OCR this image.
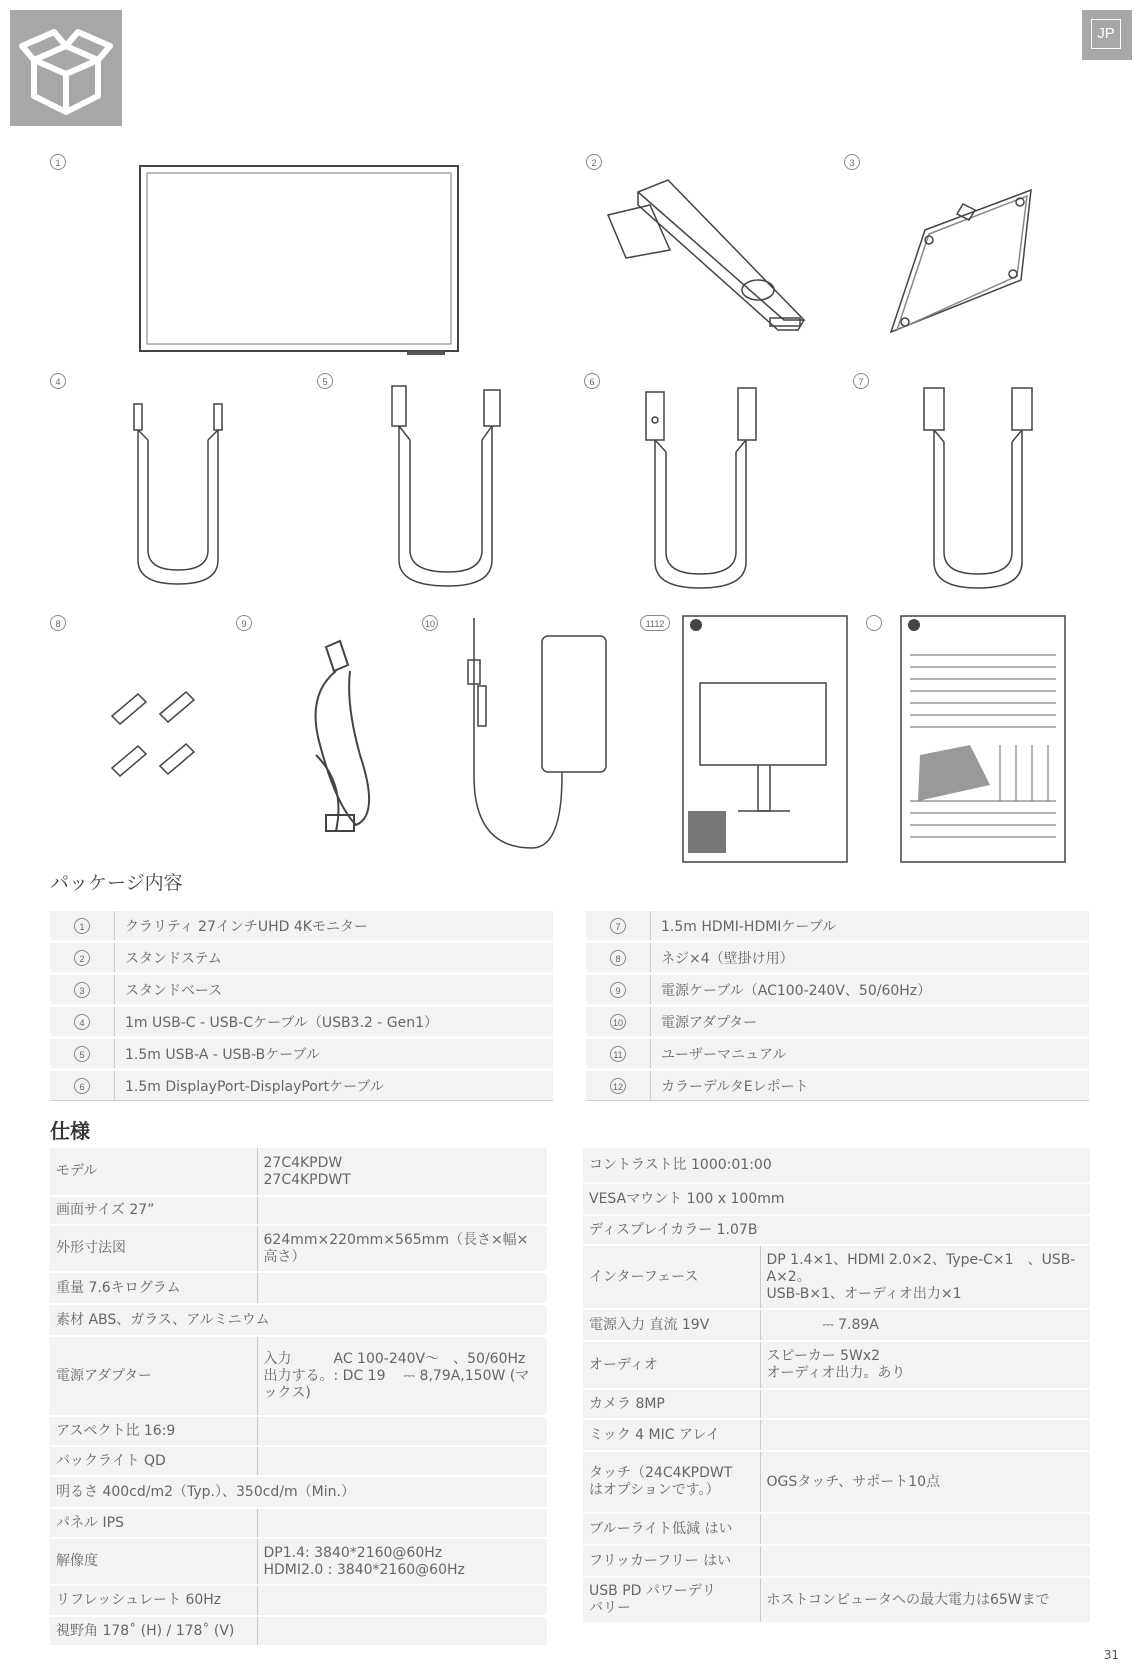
JP
1	2	3
4	5	6	7
8	9	10	1112
パッケージ内容
1	クラリティ 27インチUHD 4Kモニター
2	スタンドステム
3	スタンドベース
4	1m USB-C - USB-Cケーブル（USB3.2 - Gen1）
5	1.5m USB-A - USB-Bケーブル
6	1.5m DisplayPort-DisplayPortケーブル
7	1.5m HDMI-HDMIケーブル
8	ネジ×4（壁掛け用）
9	電源ケーブル（AC100-240V、50/60Hz）
10	電源アダプター
11	ユーザーマニュアル
12	カラーデルタEレポート
仕様
モデル	27C4KPDW
27C4KPDWT
画面サイズ 27”	
外形寸法図	624mm×220mm×565mm（長さ×幅×高さ）
重量 7.6キログラム	
素材 ABS、ガラス、アルミニウム	
電源アダプター	入力　　　AC 100-240V～　、50/60Hz
出力する。: DC 19　 ⎓ 8,79A,150W (マックス)
アスペクト比 16:9	
バックライト QD	
明るさ 400cd/m2（Typ.）、350cd/m（Min.）	
パネル IPS	
解像度	DP1.4: 3840*2160@60Hz
HDMI2.0 : 3840*2160@60Hz
リフレッシュレート 60Hz	
視野角 178˚ (H) / 178˚ (V)	
コントラスト比 1000:01:00	
VESAマウント 100 x 100mm	
ディスプレイカラー 1.07B	
インターフェース	DP 1.4×1、HDMI 2.0×2、Type-C×1　、USB-A×2。
USB-B×1、オーディオ出力×1
電源入力 直流 19V	　　　　⎓ 7.89A
オーディオ	スピーカー 5Wx2
オーディオ出力。あり
カメラ 8MP	
ミック 4 MIC アレイ	
タッチ（24C4KPDWT
はオプションです。）	OGSタッチ、サポート10点
ブルーライト低減 はい	
フリッカーフリー はい	
USB PD パワーデリ
バリー	ホストコンピュータへの最大電力は65Wまで
31
